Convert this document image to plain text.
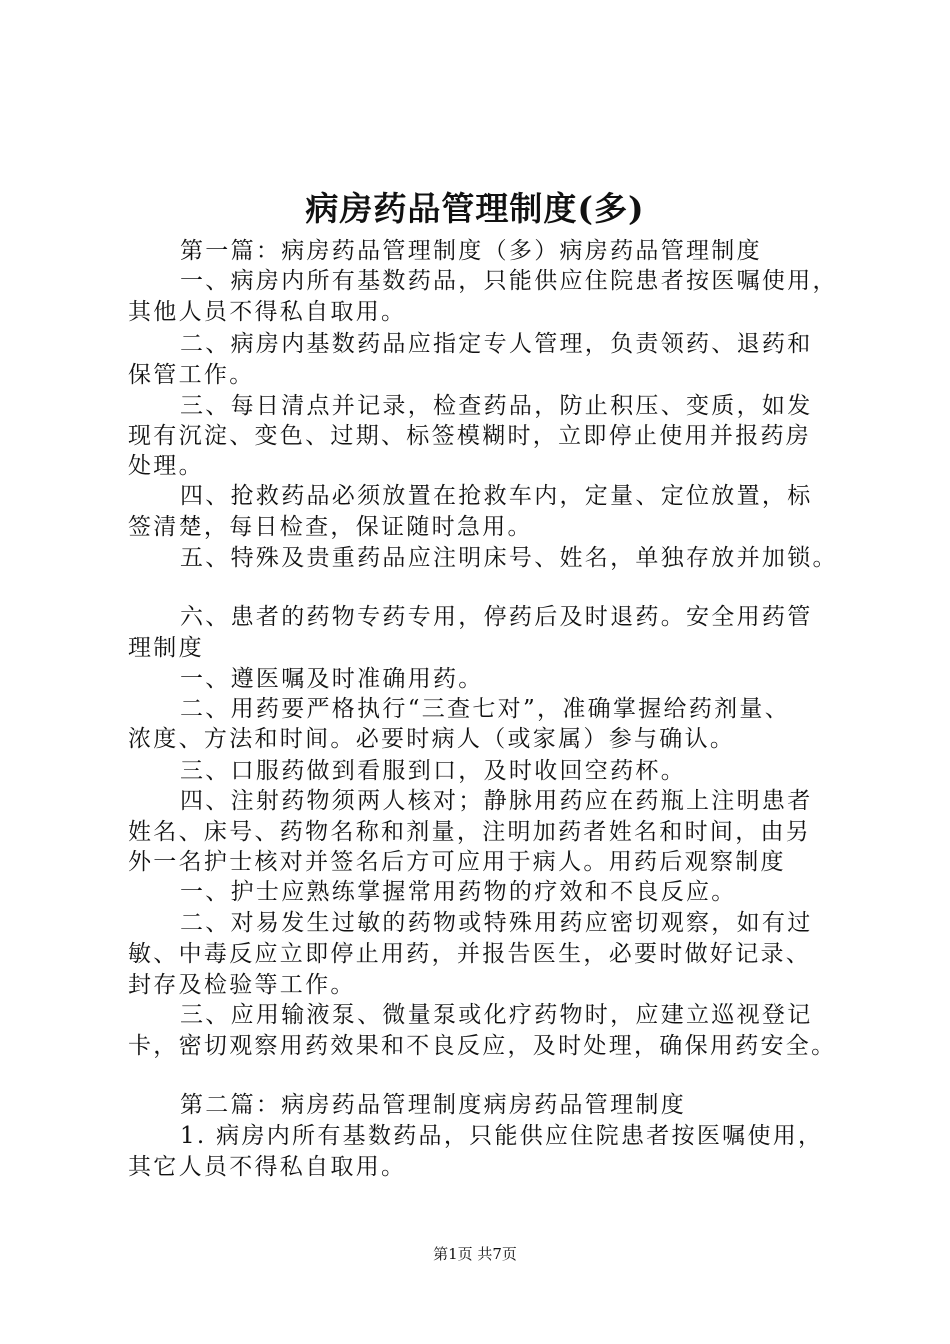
病房药品管理制度(多)
第一篇：病房药品管理制度（多）病房药品管理制度
一、病房内所有基数药品，只能供应住院患者按医嘱使用，
其他人员不得私自取用。
二、病房内基数药品应指定专人管理，负责领药、退药和
保管工作。
三、每日清点并记录，检查药品，防止积压、变质，如发
现有沉淀、变色、过期、标签模糊时，立即停止使用并报药房
处理。
四、抢救药品必须放置在抢救车内，定量、定位放置，标
签清楚，每日检查，保证随时急用。
五、特殊及贵重药品应注明床号、姓名，单独存放并加锁。
六、患者的药物专药专用，停药后及时退药。安全用药管
理制度
一、遵医嘱及时准确用药。
二、用药要严格执行“三查七对”，准确掌握给药剂量、
浓度、方法和时间。必要时病人（或家属）参与确认。
三、口服药做到看服到口，及时收回空药杯。
四、注射药物须两人核对；静脉用药应在药瓶上注明患者
姓名、床号、药物名称和剂量，注明加药者姓名和时间，由另
外一名护士核对并签名后方可应用于病人。用药后观察制度
一、护士应熟练掌握常用药物的疗效和不良反应。
二、对易发生过敏的药物或特殊用药应密切观察，如有过
敏、中毒反应立即停止用药，并报告医生，必要时做好记录、
封存及检验等工作。
三、应用输液泵、微量泵或化疗药物时，应建立巡视登记
卡，密切观察用药效果和不良反应，及时处理，确保用药安全。
第二篇：病房药品管理制度病房药品管理制度
1. 病房内所有基数药品，只能供应住院患者按医嘱使用，
其它人员不得私自取用。
第1页 共7页
